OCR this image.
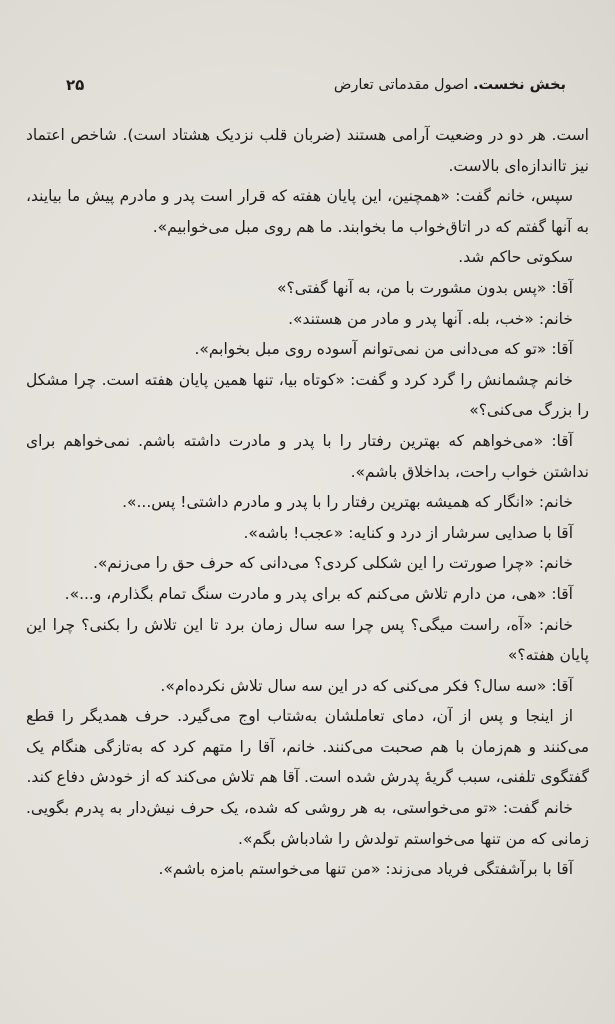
بخش نخست. اصول مقدماتی تعارض
۲۵

است. هر دو در وضعیت آرامی هستند (ضربان قلب نزدیک هشتاد است). شاخص اعتماد نیز تااندازه‌ای بالاست.

سپس، خانم گفت: «همچنین، این پایان هفته که قرار است پدر و مادرم پیش ما بیایند، به آنها گفتم که در اتاق‌خواب ما بخوابند. ما هم روی مبل می‌خوابیم».

سکوتی حاکم شد.

آقا: «پس بدون مشورت با من، به آنها گفتی؟»

خانم: «خب، بله. آنها پدر و مادر من هستند».

آقا: «تو که می‌دانی من نمی‌توانم آسوده روی مبل بخوابم».

خانم چشمانش را گرد کرد و گفت: «کوتاه بیا، تنها همین پایان هفته است. چرا مشکل را بزرگ می‌کنی؟»

آقا: «می‌خواهم که بهترین رفتار را با پدر و مادرت داشته باشم. نمی‌خواهم برای نداشتن خواب راحت، بداخلاق باشم».

خانم: «انگار که همیشه بهترین رفتار را با پدر و مادرم داشتی! پس...».

آقا با صدایی سرشار از درد و کنایه: «عجب! باشه».

خانم: «چرا صورتت را این شکلی کردی؟ می‌دانی که حرف حق را می‌زنم».

آقا: «هی، من دارم تلاش می‌کنم که برای پدر و مادرت سنگ تمام بگذارم، و...».

خانم: «آه، راست میگی؟ پس چرا سه سال زمان برد تا این تلاش را بکنی؟ چرا این پایان هفته؟»

آقا: «سه سال؟ فکر می‌کنی که در این سه سال تلاش نکرده‌ام».

از اینجا و پس از آن، دمای تعاملشان به‌شتاب اوج می‌گیرد. حرف همدیگر را قطع می‌کنند و هم‌زمان با هم صحبت می‌کنند. خانم، آقا را متهم کرد که به‌تازگی هنگام یک گفتگوی تلفنی، سبب گریهٔ پدرش شده است. آقا هم تلاش می‌کند که از خودش دفاع کند.

خانم گفت: «تو می‌خواستی، به هر روشی که شده، یک حرف نیش‌دار به پدرم بگویی. زمانی که من تنها می‌خواستم تولدش را شادباش بگم».

آقا با برآشفتگی فریاد می‌زند: «من تنها می‌خواستم بامزه باشم».
